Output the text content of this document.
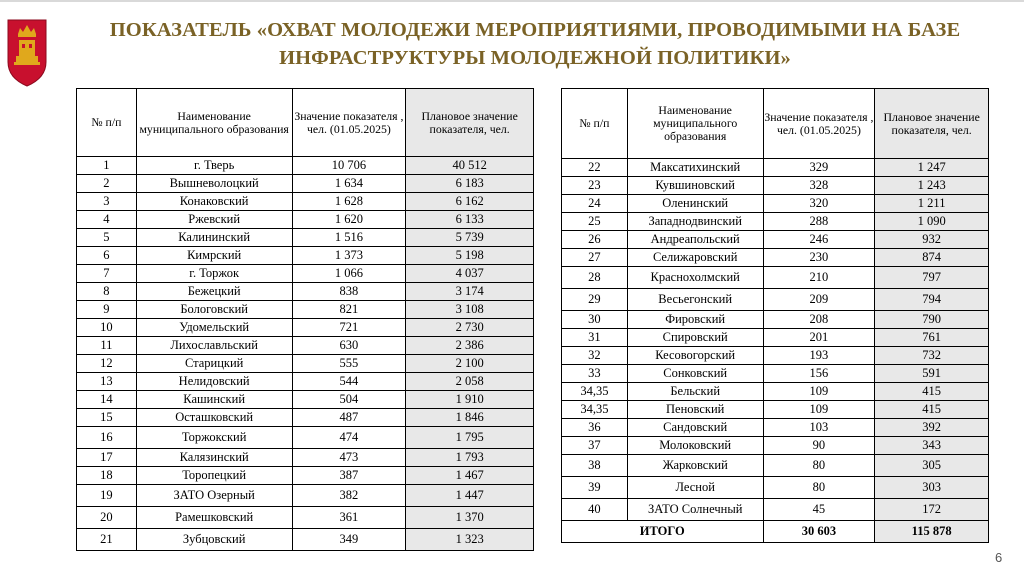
ПОКАЗАТЕЛЬ «ОХВАТ МОЛОДЕЖИ МЕРОПРИЯТИЯМИ, ПРОВОДИМЫМИ НА БАЗЕ ИНФРАСТРУКТУРЫ МОЛОДЕЖНОЙ ПОЛИТИКИ»
№ п/п	Наименование муниципального образования	Значение показателя , чел. (01.05.2025)	Плановое значение показателя, чел.
1	г. Тверь	10 706	40 512
2	Вышневолоцкий	1 634	6 183
3	Конаковский	1 628	6 162
4	Ржевский	1 620	6 133
5	Калининский	1 516	5 739
6	Кимрский	1 373	5 198
7	г. Торжок	1 066	4 037
8	Бежецкий	838	3 174
9	Бологовский	821	3 108
10	Удомельский	721	2 730
11	Лихославльский	630	2 386
12	Старицкий	555	2 100
13	Нелидовский	544	2 058
14	Кашинский	504	1 910
15	Осташковский	487	1 846
16	Торжокский	474	1 795
17	Калязинский	473	1 793
18	Торопецкий	387	1 467
19	ЗАТО Озерный	382	1 447
20	Рамешковский	361	1 370
21	Зубцовский	349	1 323
№ п/п	Наименование муниципального образования	Значение показателя , чел. (01.05.2025)	Плановое значение показателя, чел.
22	Максатихинский	329	1 247
23	Кувшиновский	328	1 243
24	Оленинский	320	1 211
25	Западнодвинский	288	1 090
26	Андреапольский	246	932
27	Селижаровский	230	874
28	Краснохолмский	210	797
29	Весьегонский	209	794
30	Фировский	208	790
31	Спировский	201	761
32	Кесовогорский	193	732
33	Сонковский	156	591
34,35	Бельский	109	415
34,35	Пеновский	109	415
36	Сандовский	103	392
37	Молоковский	90	343
38	Жарковский	80	305
39	Лесной	80	303
40	ЗАТО Солнечный	45	172
ИТОГО		30 603	115 878
6
